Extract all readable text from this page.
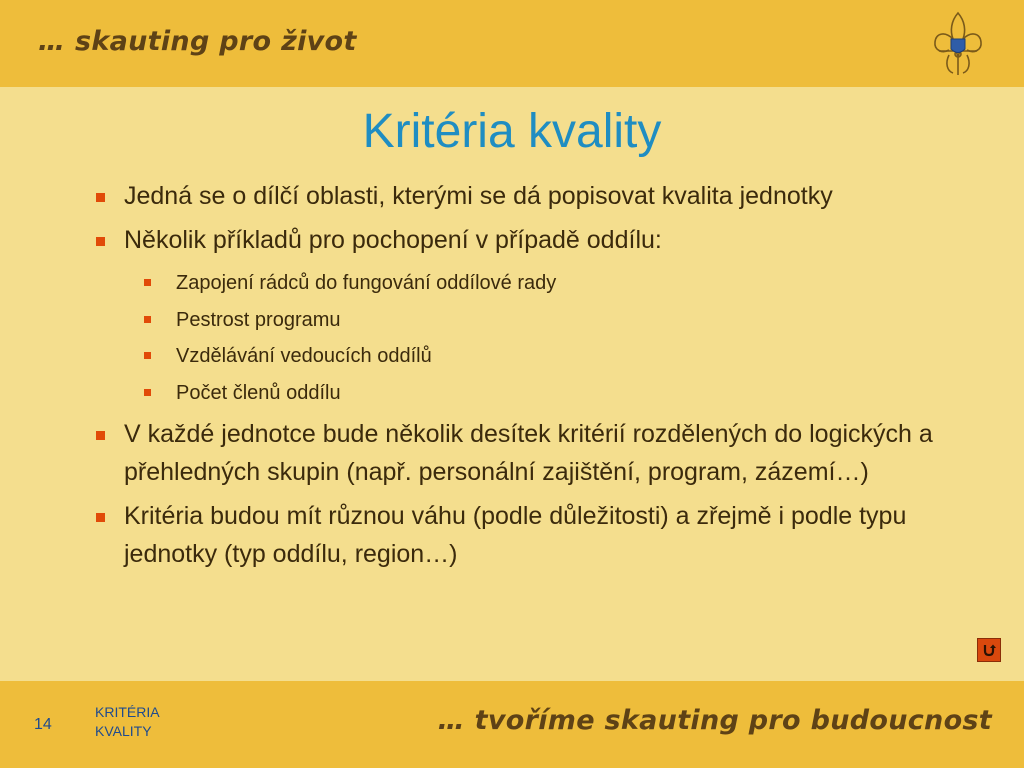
… skauting pro život
Kritéria kvality
Jedná se o dílčí oblasti, kterými se dá popisovat kvalita jednotky
Několik příkladů pro pochopení v případě oddílu:
Zapojení rádců do fungování oddílové rady
Pestrost programu
Vzdělávání vedoucích oddílů
Počet členů oddílu
V každé jednotce bude několik desítek kritérií rozdělených do logických a přehledných skupin (např. personální zajištění, program, zázemí…)
Kritéria budou mít různou váhu (podle důležitosti) a zřejmě i podle typu jednotky (typ oddílu, region…)
14
KRITÉRIA
KVALITY	… tvoříme skauting pro budoucnost
